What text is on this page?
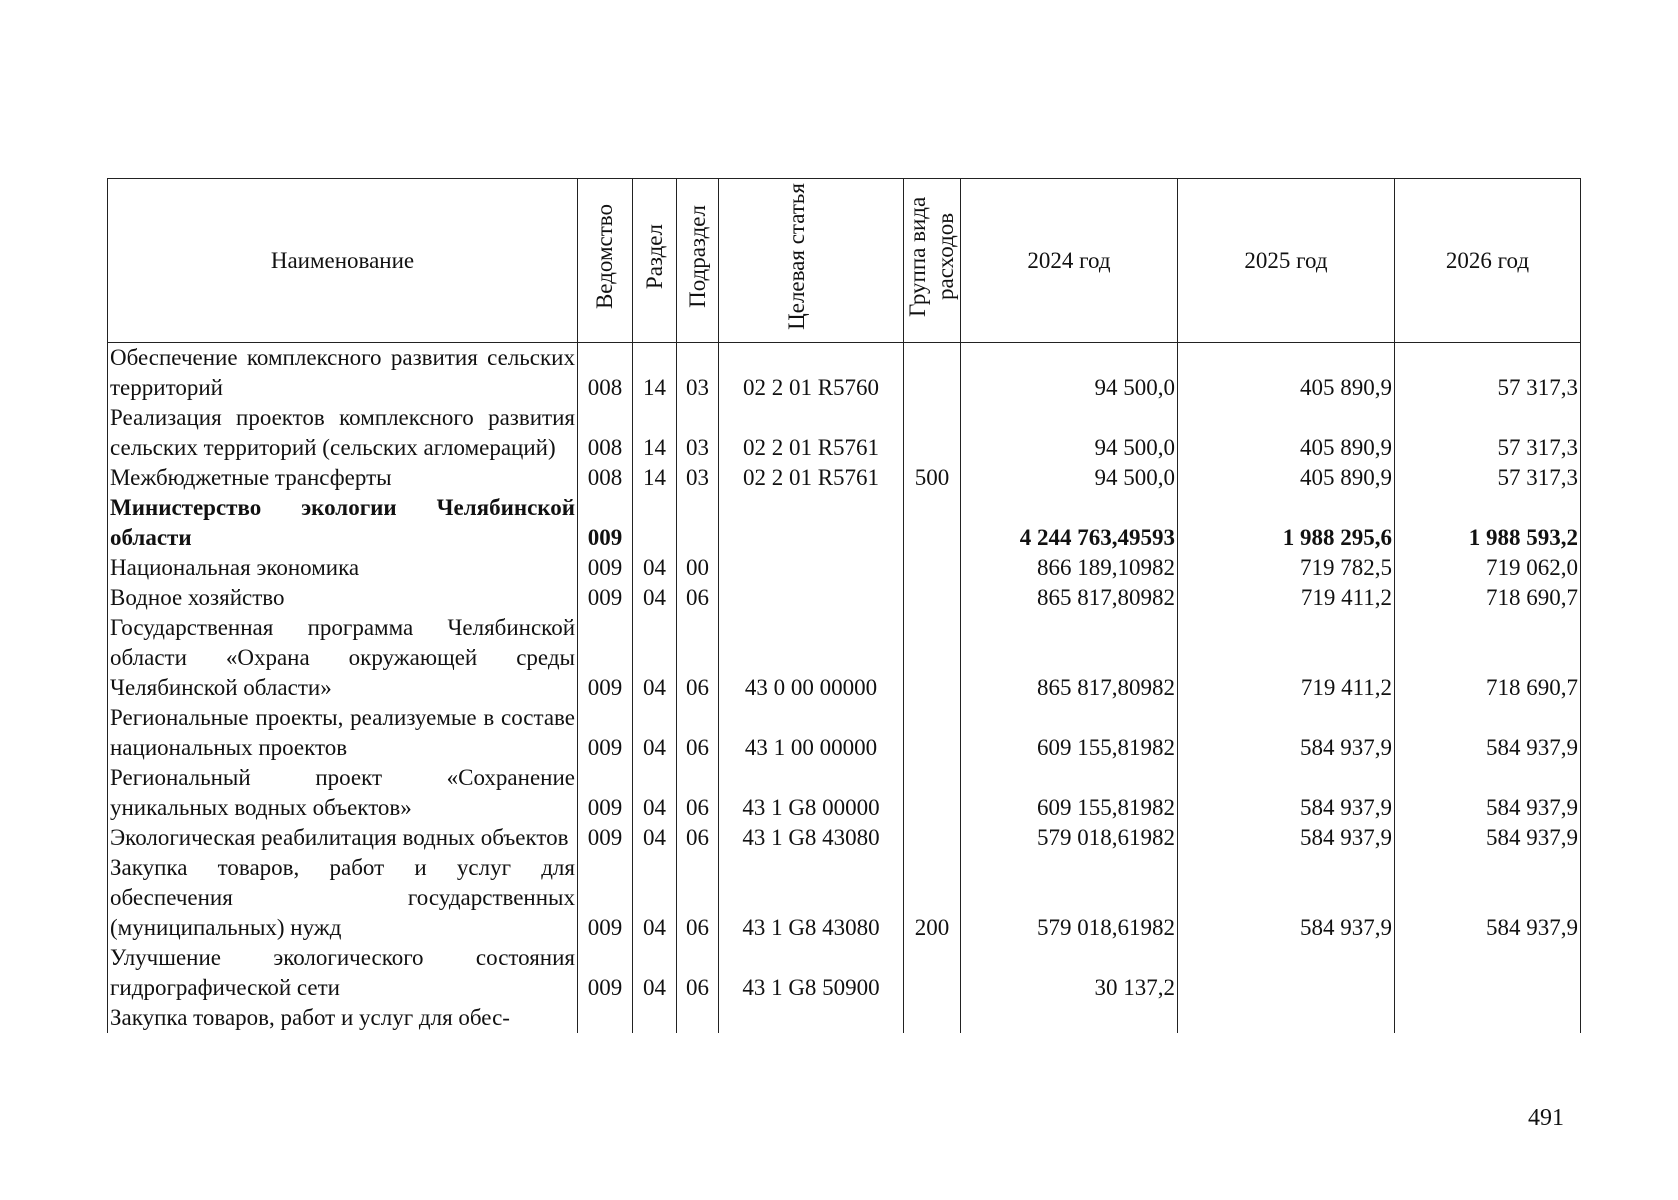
Наименование	Ведомство	Раздел	Подраздел	Целевая статья	Группа вида расходов	2024 год	2025 год	2026 год
Обеспечение комплексного развития сельских территорий	008	14	03	02 2 01 R5760		94 500,0	405 890,9	57 317,3
Реализация проектов комплексного развития сельских территорий (сельских агломераций)	008	14	03	02 2 01 R5761		94 500,0	405 890,9	57 317,3
Межбюджетные трансферты	008	14	03	02 2 01 R5761	500	94 500,0	405 890,9	57 317,3
Министерство экологии Челябинской области	009					4 244 763,49593	1 988 295,6	1 988 593,2
Национальная экономика	009	04	00			866 189,10982	719 782,5	719 062,0
Водное хозяйство	009	04	06			865 817,80982	719 411,2	718 690,7
Государственная программа Челябинской области «Охрана окружающей среды Челябинской области»	009	04	06	43 0 00 00000		865 817,80982	719 411,2	718 690,7
Региональные проекты, реализуемые в составе национальных проектов	009	04	06	43 1 00 00000		609 155,81982	584 937,9	584 937,9
Региональный проект «Сохранение уникальных водных объектов»	009	04	06	43 1 G8 00000		609 155,81982	584 937,9	584 937,9
Экологическая реабилитация водных объектов	009	04	06	43 1 G8 43080		579 018,61982	584 937,9	584 937,9
Закупка товаров, работ и услуг для обеспечения государственных (муниципальных) нужд	009	04	06	43 1 G8 43080	200	579 018,61982	584 937,9	584 937,9
Улучшение экологического состояния гидрографической сети	009	04	06	43 1 G8 50900		30 137,2		
Закупка товаров, работ и услуг для обес-								
491
